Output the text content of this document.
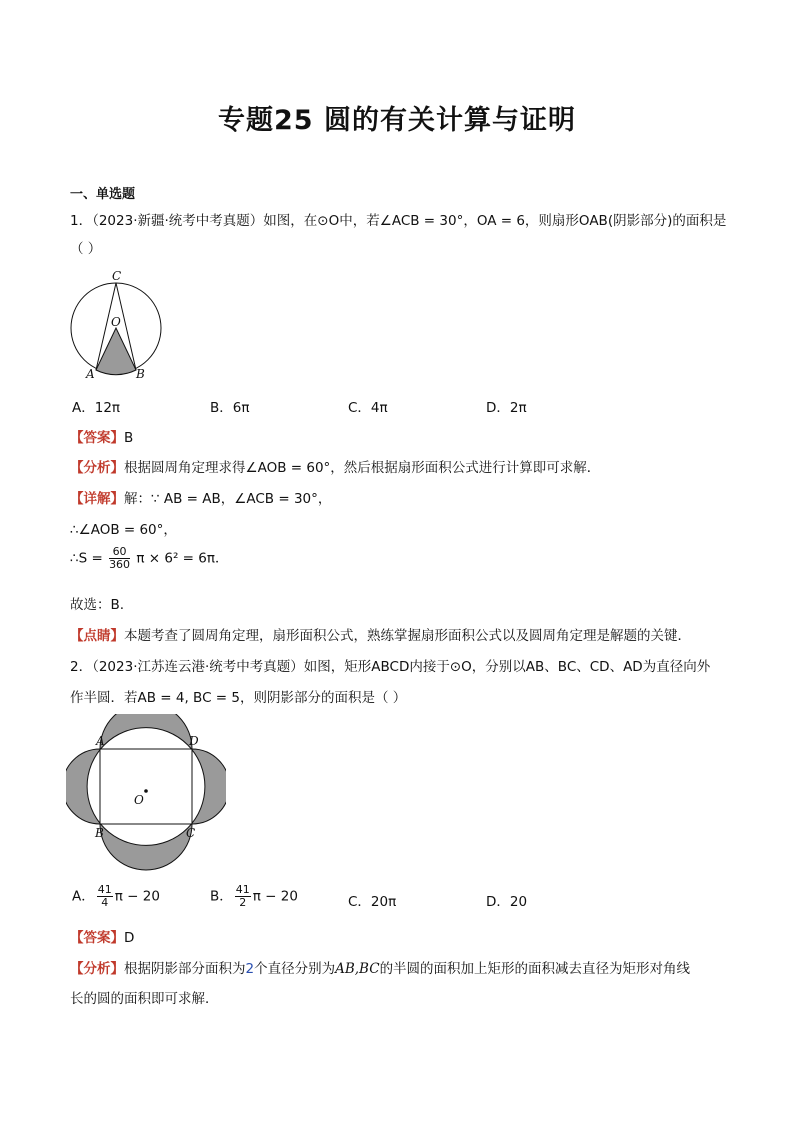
专题25 圆的有关计算与证明
一、单选题
1．（2023·新疆·统考中考真题）如图，在⊙O中，若∠ACB = 30°，OA = 6，则扇形OAB(阴影部分)的面积是
（ ）
C
O
A	B
A．12π	B．6π	C．4π	D．2π
【答案】B
【分析】根据圆周角定理求得∠AOB = 60°，然后根据扇形面积公式进行计算即可求解．
【详解】解：∵ AB = AB，∠ACB = 30°，
∴∠AOB = 60°，
∴S = $\frac{60}{360}$ π × 6² = 6π．
故选：B.
【点睛】本题考查了圆周角定理，扇形面积公式，熟练掌握扇形面积公式以及圆周角定理是解题的关键．
2．（2023·江苏连云港·统考中考真题）如图，矩形ABCD内接于⊙O，分别以AB、BC、CD、AD为直径向外
作半圆．若AB = 4, BC = 5，则阴影部分的面积是（ ）
A	D
O
B	C
A． $\frac{41}{4}$ π − 20	B． $\frac{41}{2}$ π − 20	C．20π	D．20
【答案】D
【分析】根据阴影部分面积为2个直径分别为AB,BC的半圆的面积加上矩形的面积减去直径为矩形对角线
长的圆的面积即可求解．
